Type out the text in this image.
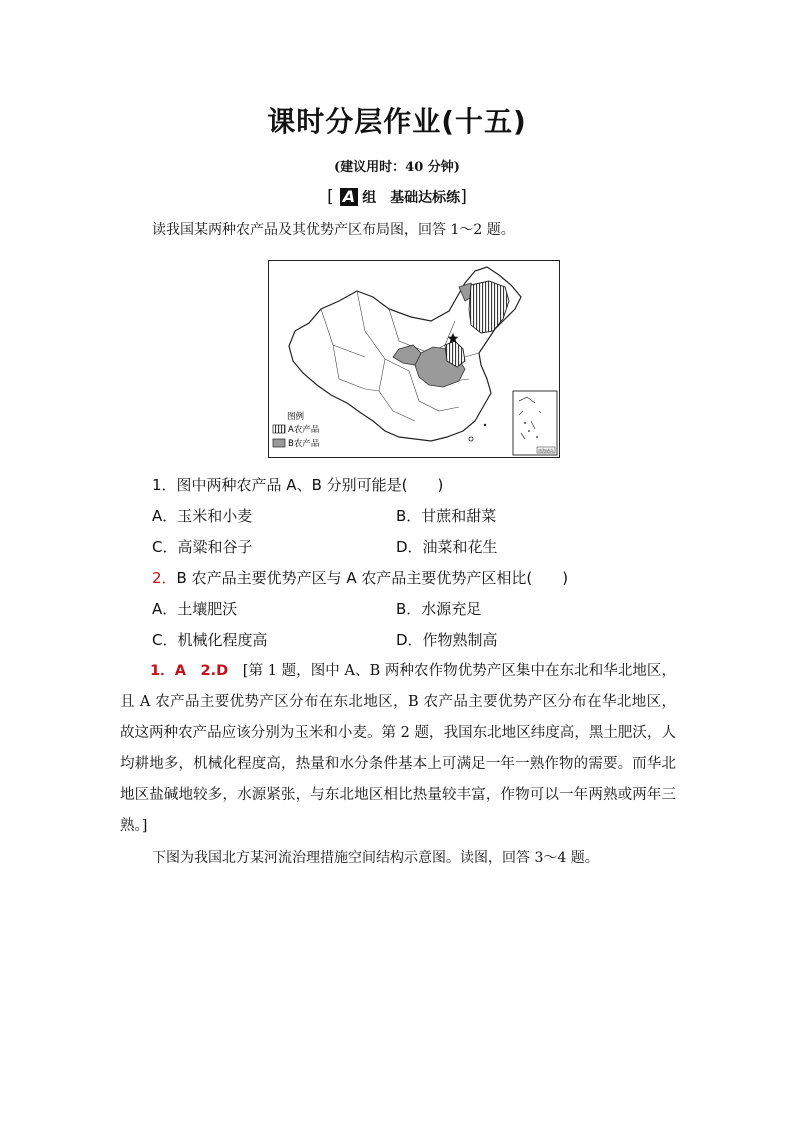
课时分层作业(十五)
(建议用时：40 分钟)
[ A 组　基础达标练]
读我国某两种农产品及其优势产区布局图，回答 1～2 题。
图例
A农产品
B农产品
南海诸岛
1．图中两种农产品 A、B 分别可能是(　　)
A．玉米和小麦	B．甘蔗和甜菜
C．高粱和谷子	D．油菜和花生
2．B 农产品主要优势产区与 A 农产品主要优势产区相比(　　)
A．土壤肥沃	B．水源充足
C．机械化程度高	D．作物熟制高
1．A　2.D　[第 1 题，图中 A、B 两种农作物优势产区集中在东北和华北地区，且 A 农产品主要优势产区分布在东北地区，B 农产品主要优势产区分布在华北地区，故这两种农产品应该分别为玉米和小麦。第 2 题，我国东北地区纬度高，黑土肥沃，人均耕地多，机械化程度高，热量和水分条件基本上可满足一年一熟作物的需要。而华北地区盐碱地较多，水源紧张，与东北地区相比热量较丰富，作物可以一年两熟或两年三熟。]
下图为我国北方某河流治理措施空间结构示意图。读图，回答 3～4 题。
